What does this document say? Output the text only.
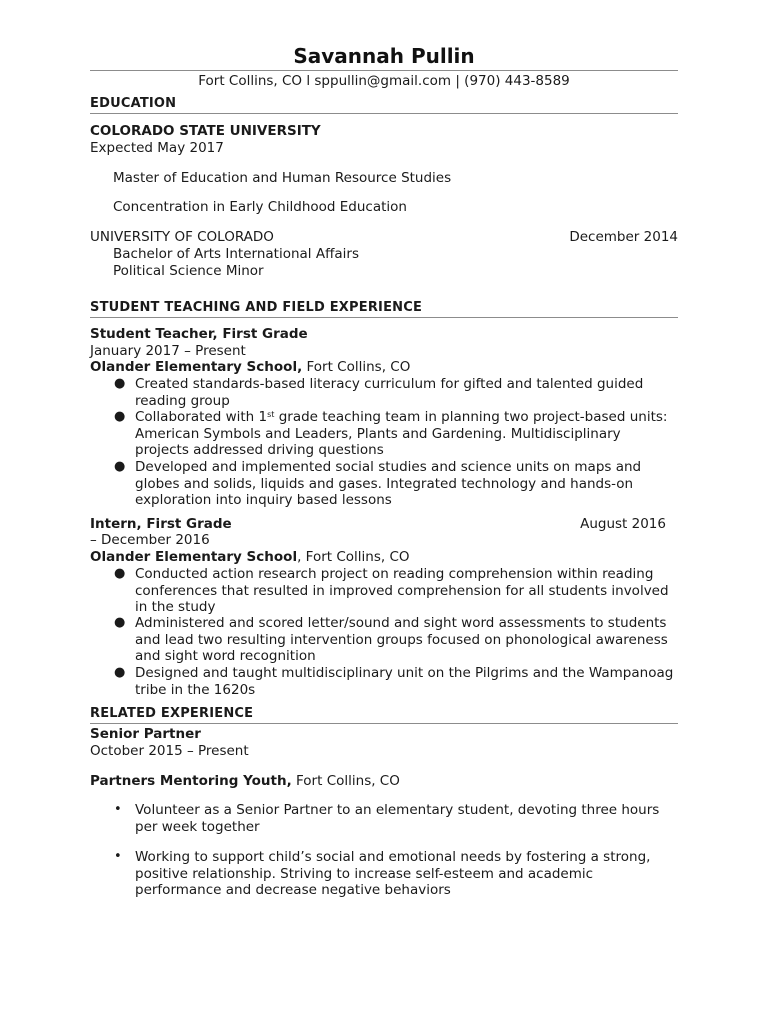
Savannah Pullin
Fort Collins, CO l sppullin@gmail.com | (970) 443-8589
EDUCATION
COLORADO STATE UNIVERSITY
Expected May 2017
Master of Education and Human Resource Studies
Concentration in Early Childhood Education
UNIVERSITY OF COLORADO	December 2014
Bachelor of Arts International Affairs
Political Science Minor
STUDENT TEACHING AND FIELD EXPERIENCE
Student Teacher, First Grade
January 2017 – Present
Olander Elementary School, Fort Collins, CO
● Created standards-based literacy curriculum for gifted and talented guided reading group
● Collaborated with 1st grade teaching team in planning two project-based units: American Symbols and Leaders, Plants and Gardening. Multidisciplinary projects addressed driving questions
● Developed and implemented social studies and science units on maps and globes and solids, liquids and gases. Integrated technology and hands-on exploration into inquiry based lessons
Intern, First Grade	August 2016
– December 2016
Olander Elementary School, Fort Collins, CO
● Conducted action research project on reading comprehension within reading conferences that resulted in improved comprehension for all students involved in the study
● Administered and scored letter/sound and sight word assessments to students and lead two resulting intervention groups focused on phonological awareness and sight word recognition
● Designed and taught multidisciplinary unit on the Pilgrims and the Wampanoag tribe in the 1620s
RELATED EXPERIENCE
Senior Partner
October 2015 – Present
Partners Mentoring Youth, Fort Collins, CO
• Volunteer as a Senior Partner to an elementary student, devoting three hours per week together
• Working to support child’s social and emotional needs by fostering a strong, positive relationship. Striving to increase self-esteem and academic performance and decrease negative behaviors
